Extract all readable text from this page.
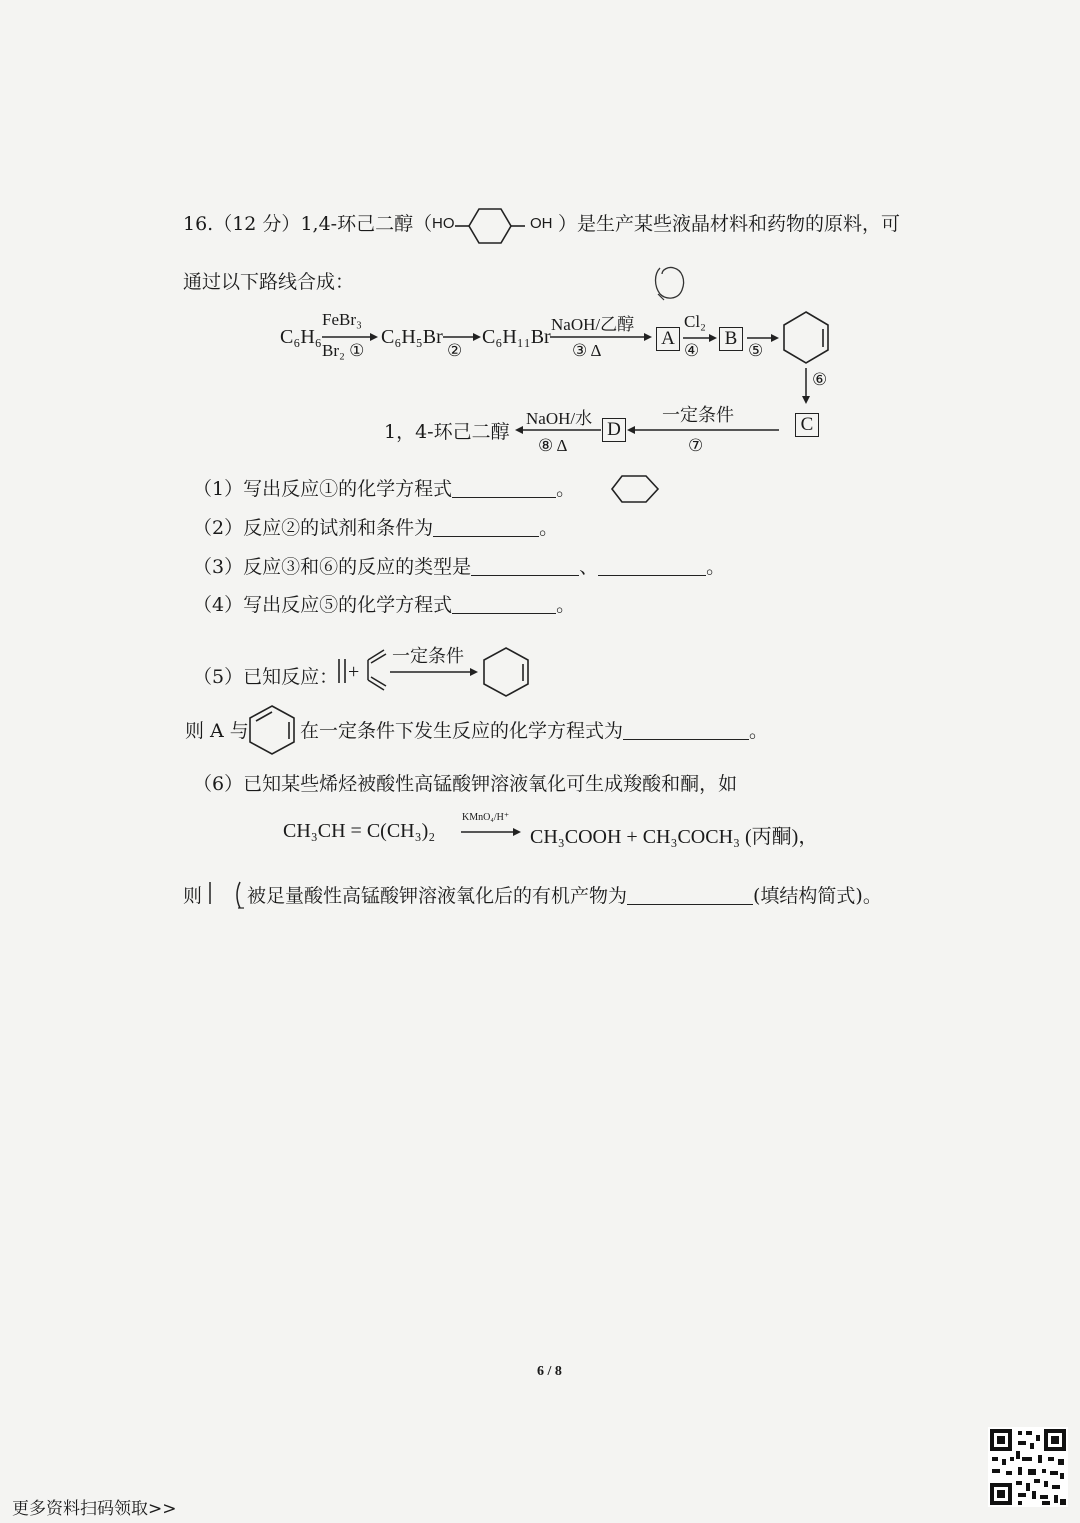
16.（12 分）1,4-环己二醇（ HO	OH ）是生产某些液晶材料和药物的原料，可
通过以下路线合成：
C₆H₆
FeBr₃
Br₂ ①
C₆H₅Br
②
C₆H₁₁Br
NaOH/乙醇
③ Δ
A
Cl₂
④
B
⑤
⑥
C
一定条件
⑦
D
NaOH/水
⑧ Δ
1，4-环己二醇
（1）写出反应①的化学方程式	。
（2）反应②的试剂和条件为	。
（3）反应③和⑥的反应的类型是	、	。
（4）写出反应⑤的化学方程式	。
（5）已知反应： +
一定条件
则 A 与	在一定条件下发生反应的化学方程式为	。
（6）已知某些烯烃被酸性高锰酸钾溶液氧化可生成羧酸和酮，如
CH₃CH = C(CH₃)₂
KMnO₄/H⁺
CH₃COOH + CH₃COCH₃ (丙酮)，
则 被足量酸性高锰酸钾溶液氧化后的有机产物为	(填结构简式)。
6 / 8
更多资料扫码领取>>
